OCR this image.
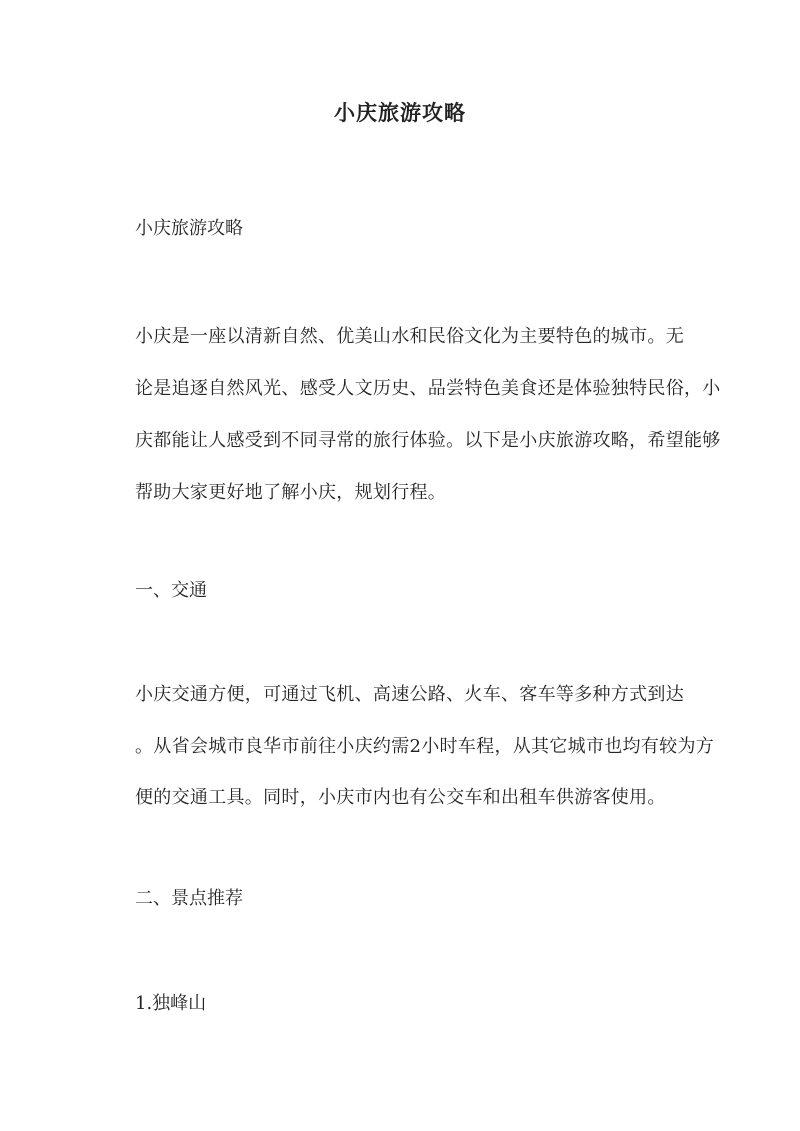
小庆旅游攻略
小庆旅游攻略
小庆是一座以清新自然、优美山水和民俗文化为主要特色的城市。无
论是追逐自然风光、感受人文历史、品尝特色美食还是体验独特民俗，小
庆都能让人感受到不同寻常的旅行体验。以下是小庆旅游攻略，希望能够
帮助大家更好地了解小庆，规划行程。
一、交通
小庆交通方便，可通过飞机、高速公路、火车、客车等多种方式到达
。从省会城市良华市前往小庆约需2小时车程，从其它城市也均有较为方
便的交通工具。同时，小庆市内也有公交车和出租车供游客使用。
二、景点推荐
1.独峰山
